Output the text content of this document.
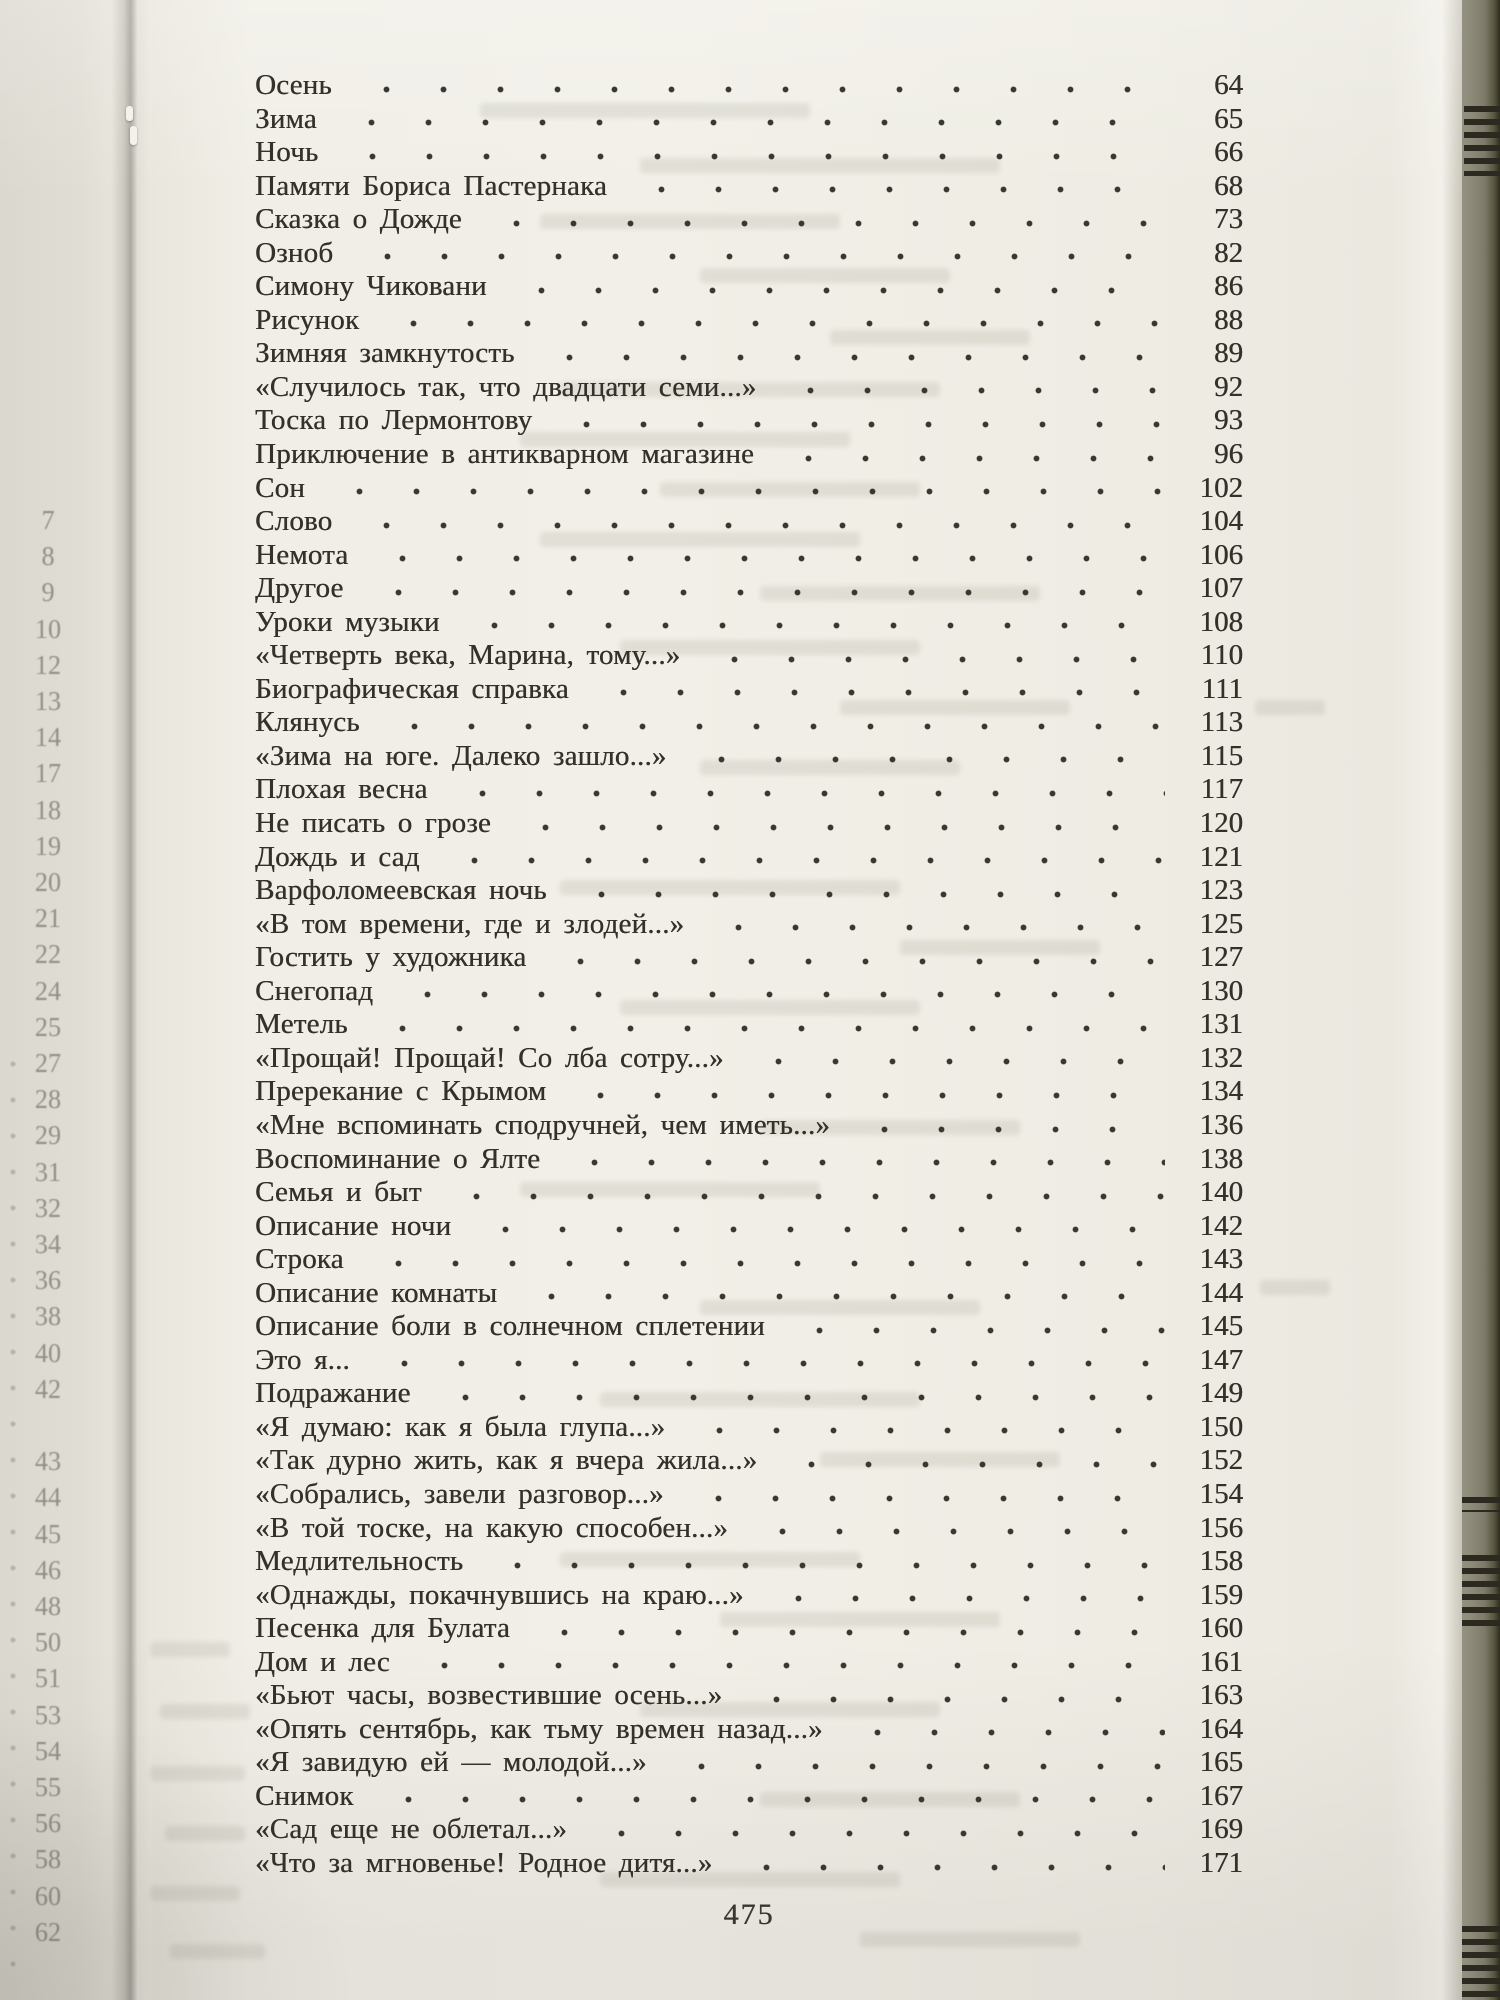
7
8
9
10
12
13
14
17
18
19
20
21
22
24
25
27
28
29
31
32
34
36
38
40
42
43
44
45
46
48
50
51
53
54
55
56
58
60
62
Осень	64
Зима	65
Ночь	66
Памяти Бориса Пастернака	68
Сказка о Дожде	73
Озноб	82
Симону Чиковани	86
Рисунок	88
Зимняя замкнутость	89
«Случилось так, что двадцати семи...»	92
Тоска по Лермонтову	93
Приключение в антикварном магазине	96
Сон	102
Слово	104
Немота	106
Другое	107
Уроки музыки	108
«Четверть века, Марина, тому...»	110
Биографическая справка	111
Клянусь	113
«Зима на юге. Далеко зашло...»	115
Плохая весна	117
Не писать о грозе	120
Дождь и сад	121
Варфоломеевская ночь	123
«В том времени, где и злодей...»	125
Гостить у художника	127
Снегопад	130
Метель	131
«Прощай! Прощай! Со лба сотру...»	132
Пререкание с Крымом	134
«Мне вспоминать сподручней, чем иметь...»	136
Воспоминание о Ялте	138
Семья и быт	140
Описание ночи	142
Строка	143
Описание комнаты	144
Описание боли в солнечном сплетении	145
Это я...	147
Подражание	149
«Я думаю: как я была глупа...»	150
«Так дурно жить, как я вчера жила...»	152
«Собрались, завели разговор...»	154
«В той тоске, на какую способен...»	156
Медлительность	158
«Однажды, покачнувшись на краю...»	159
Песенка для Булата	160
Дом и лес	161
«Бьют часы, возвестившие осень...»	163
«Опять сентябрь, как тьму времен назад...»	164
«Я завидую ей — молодой...»	165
Снимок	167
«Сад еще не облетал...»	169
«Что за мгновенье! Родное дитя...»	171
475
